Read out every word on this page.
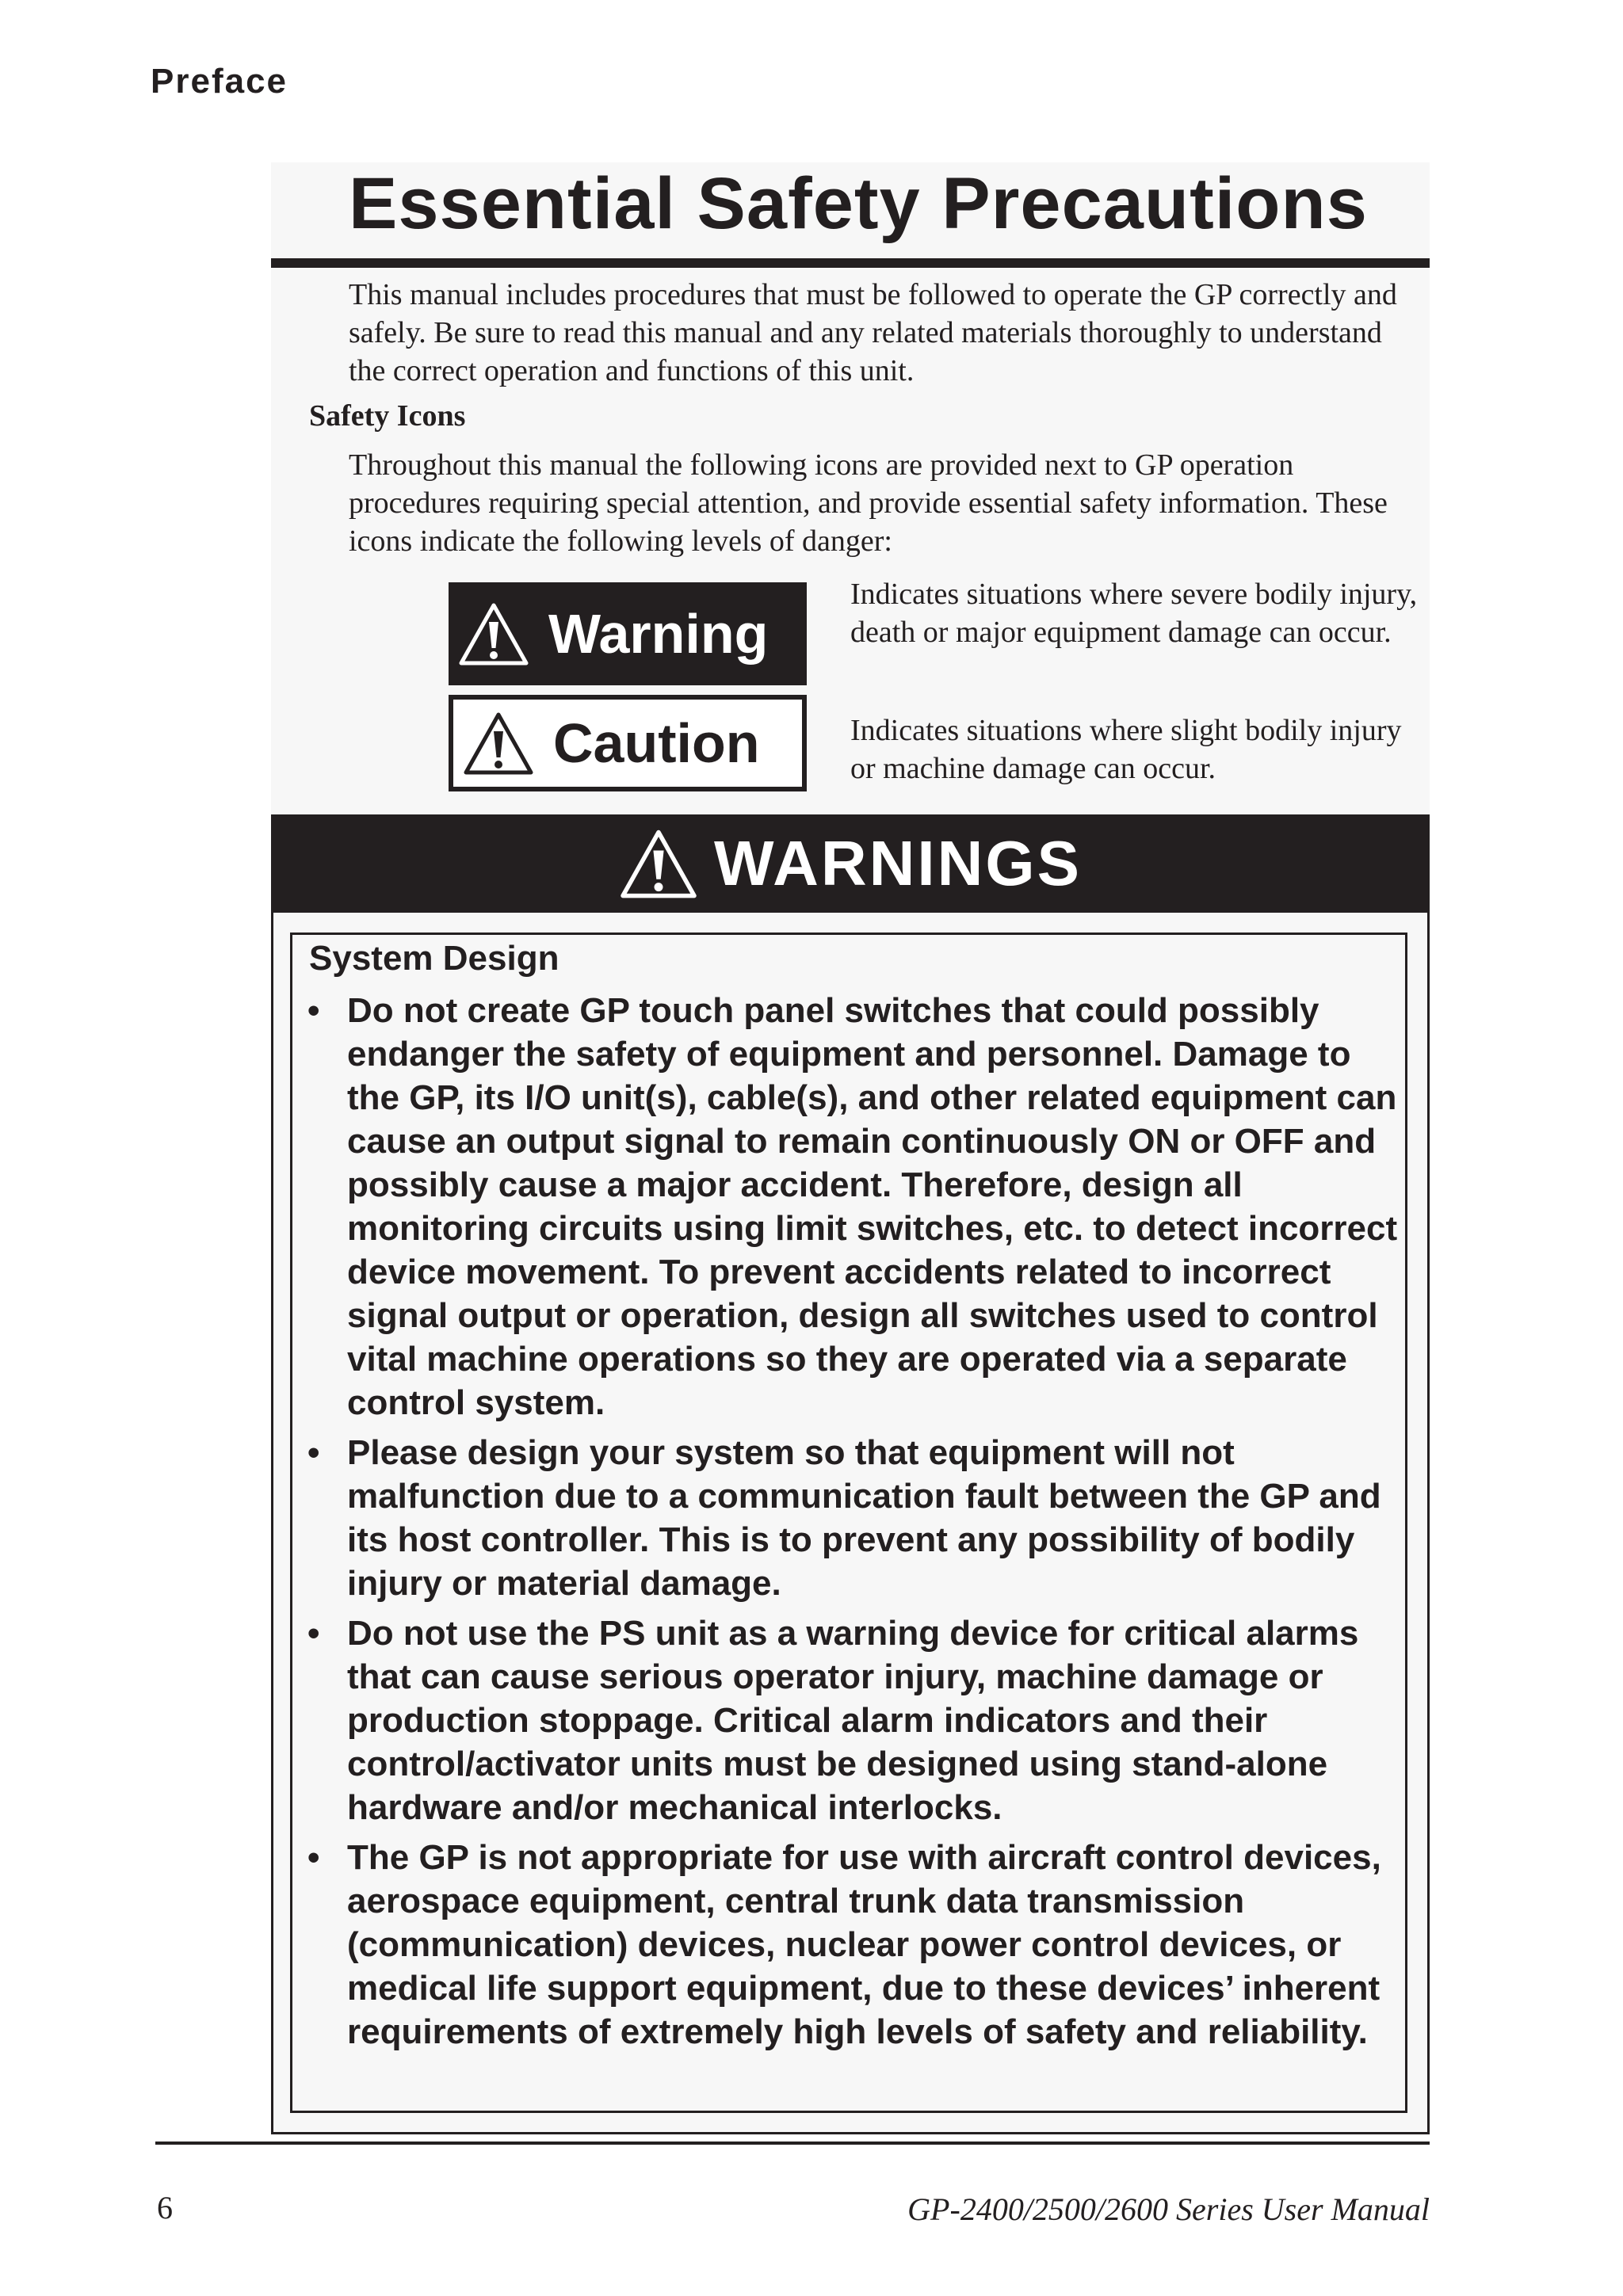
Preface
Essential Safety Precautions
This manual includes procedures that must be followed to operate the GP correctly and safely. Be sure to read this manual and any related materials thoroughly to understand the correct operation and functions of this unit.
Safety Icons
Throughout this manual the following icons are provided next to GP operation procedures requiring special attention, and provide essential safety information. These icons indicate the following levels of danger:
Warning
Indicates situations where severe bodily injury, death or major equipment damage can occur.
Caution	Indicates situations where slight bodily injury or machine damage can occur.
WARNINGS
System Design
• Do not create GP touch panel switches that could possibly endanger the safety of equipment and personnel. Damage to the GP, its I/O unit(s), cable(s), and other related equipment can cause an output signal to remain continuously ON or OFF and possibly cause a major accident. Therefore, design all monitoring circuits using limit switches, etc. to detect incorrect device movement. To prevent accidents related to incorrect signal output or operation, design all switches used to control vital machine operations so they are operated via a separate control system.
• Please design your system so that equipment will not malfunction due to a communication fault between the GP and its host controller. This is to prevent any possibility of bodily injury or material damage.
• Do not use the PS unit as a warning device for critical alarms that can cause serious operator injury, machine damage or production stoppage. Critical alarm indicators and their control/activator units must be designed using stand-alone hardware and/or mechanical interlocks.
• The GP is not appropriate for use with aircraft control devices, aerospace equipment, central trunk data transmission (communication) devices, nuclear power control devices, or medical life support equipment, due to these devices’ inherent requirements of extremely high levels of safety and reliability.
6	GP-2400/2500/2600 Series User Manual
